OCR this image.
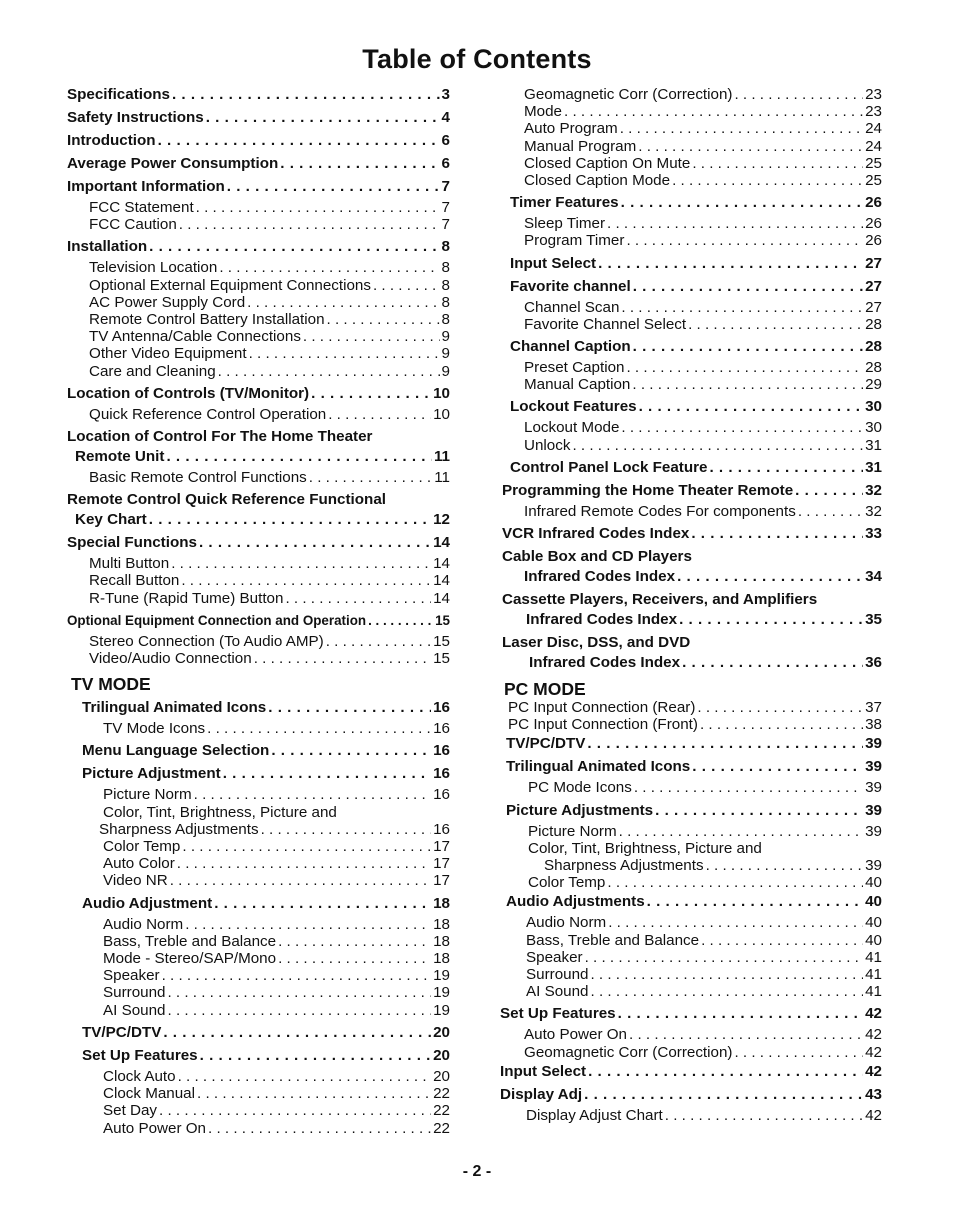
Table of Contents
Specifications . . .	3
Safety Instructions . . .	4
Introduction . . .	6
Average Power Consumption . . .	6
Important Information . . .	7
FCC Statement . . .	7
FCC Caution . . .	7
Installation . . .	8
Television Location . . .	8
Optional External Equipment Connections . . .	8
AC Power Supply Cord . . .	8
Remote Control Battery Installation . . .	8
TV Antenna/Cable Connections . . .	9
Other Video Equipment . . .	9
Care and Cleaning . . .	9
Location of Controls (TV/Monitor) . . .	10
Quick Reference Control Operation . . .	10
Location of Control For The Home Theater
Remote Unit . . .	11
Basic Remote Control Functions . . .	11
Remote Control Quick Reference Functional
Key Chart . . .	12
Special Functions . . .	14
Multi Button . . .	14
Recall Button . . .	14
R-Tune (Rapid Tume) Button . . .	14
Optional Equipment Connection and Operation . . .	15
Stereo Connection (To Audio AMP) . . .	15
Video/Audio Connection . . .	15
TV MODE
Trilingual Animated Icons . . .	16
TV Mode Icons . . .	16
Menu Language Selection . . .	16
Picture Adjustment . . .	16
Picture Norm . . .	16
Color, Tint, Brightness, Picture and
Sharpness Adjustments . . .	16
Color Temp . . .	17
Auto Color . . .	17
Video NR . . .	17
Audio Adjustment . . .	18
Audio Norm . . .	18
Bass, Treble and Balance . . .	18
Mode - Stereo/SAP/Mono . . .	18
Speaker . . .	19
Surround . . .	19
AI Sound . . .	19
TV/PC/DTV . . .	20
Set Up Features . . .	20
Clock Auto . . .	20
Clock Manual . . .	22
Set Day . . .	22
Auto Power On . . .	22
Geomagnetic Corr (Correction) . . .	23
Mode . . .	23
Auto Program . . .	24
Manual Program . . .	24
Closed Caption On Mute . . .	25
Closed Caption Mode . . .	25
Timer Features . . .	26
Sleep Timer . . .	26
Program Timer . . .	26
Input Select . . .	27
Favorite channel . . .	27
Channel Scan . . .	27
Favorite Channel Select . . .	28
Channel Caption . . .	28
Preset Caption . . .	28
Manual Caption . . .	29
Lockout Features . . .	30
Lockout Mode . . .	30
Unlock . . .	31
Control Panel Lock Feature . . .	31
Programming the Home Theater Remote . . .	32
Infrared Remote Codes For components . . .	32
VCR Infrared Codes Index . . .	33
Cable Box and CD Players
Infrared Codes Index . . .	34
Cassette Players, Receivers, and Amplifiers
Infrared Codes Index . . .	35
Laser Disc, DSS, and DVD
Infrared Codes Index . . .	36
PC MODE
PC Input Connection (Rear) . . .	37
PC Input Connection (Front) . . .	38
TV/PC/DTV . . .	39
Trilingual Animated Icons . . .	39
PC Mode Icons . . .	39
Picture Adjustments . . .	39
Picture Norm . . .	39
Color, Tint, Brightness, Picture and
Sharpness Adjustments . . .	39
Color Temp . . .	40
Audio Adjustments . . .	40
Audio Norm . . .	40
Bass, Treble and Balance . . .	40
Speaker . . .	41
Surround . . .	41
AI Sound . . .	41
Set Up Features . . .	42
Auto Power On . . .	42
Geomagnetic Corr (Correction) . . .	42
Input Select . . .	42
Display Adj . . .	43
Display Adjust Chart . . .	42
- 2 -
